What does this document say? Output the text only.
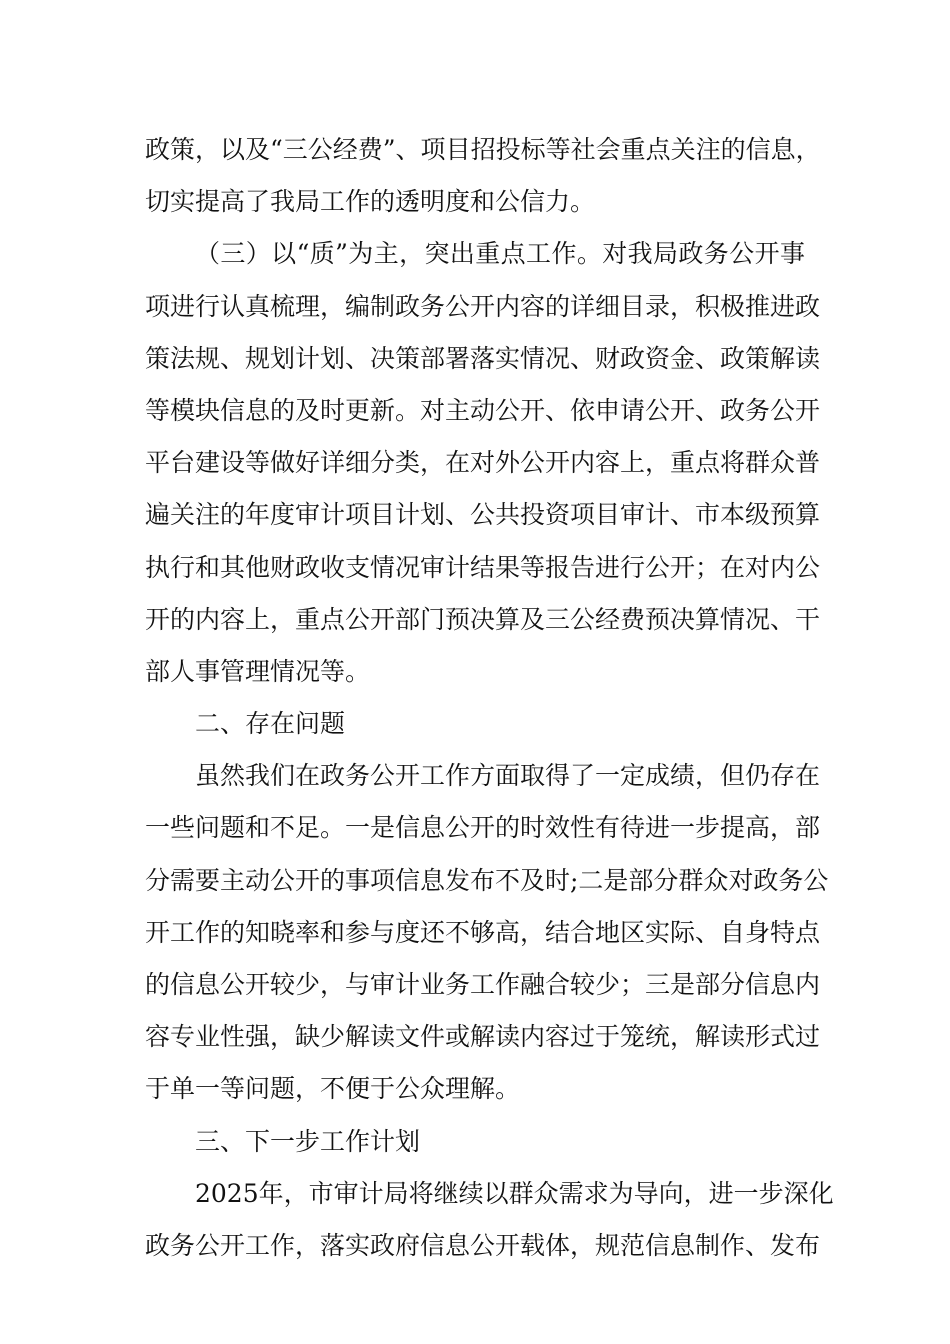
政策，以及“三公经费”、项目招投标等社会重点关注的信息，
切实提高了我局工作的透明度和公信力。
（三）以“质”为主，突出重点工作。对我局政务公开事
项进行认真梳理，编制政务公开内容的详细目录，积极推进政
策法规、规划计划、决策部署落实情况、财政资金、政策解读
等模块信息的及时更新。对主动公开、依申请公开、政务公开
平台建设等做好详细分类，在对外公开内容上，重点将群众普
遍关注的年度审计项目计划、公共投资项目审计、市本级预算
执行和其他财政收支情况审计结果等报告进行公开；在对内公
开的内容上，重点公开部门预决算及三公经费预决算情况、干
部人事管理情况等。
二、存在问题
虽然我们在政务公开工作方面取得了一定成绩，但仍存在
一些问题和不足。一是信息公开的时效性有待进一步提高，部
分需要主动公开的事项信息发布不及时;二是部分群众对政务公
开工作的知晓率和参与度还不够高，结合地区实际、自身特点
的信息公开较少，与审计业务工作融合较少；三是部分信息内
容专业性强，缺少解读文件或解读内容过于笼统，解读形式过
于单一等问题，不便于公众理解。
三、下一步工作计划
2025年，市审计局将继续以群众需求为导向，进一步深化
政务公开工作，落实政府信息公开载体，规范信息制作、发布
